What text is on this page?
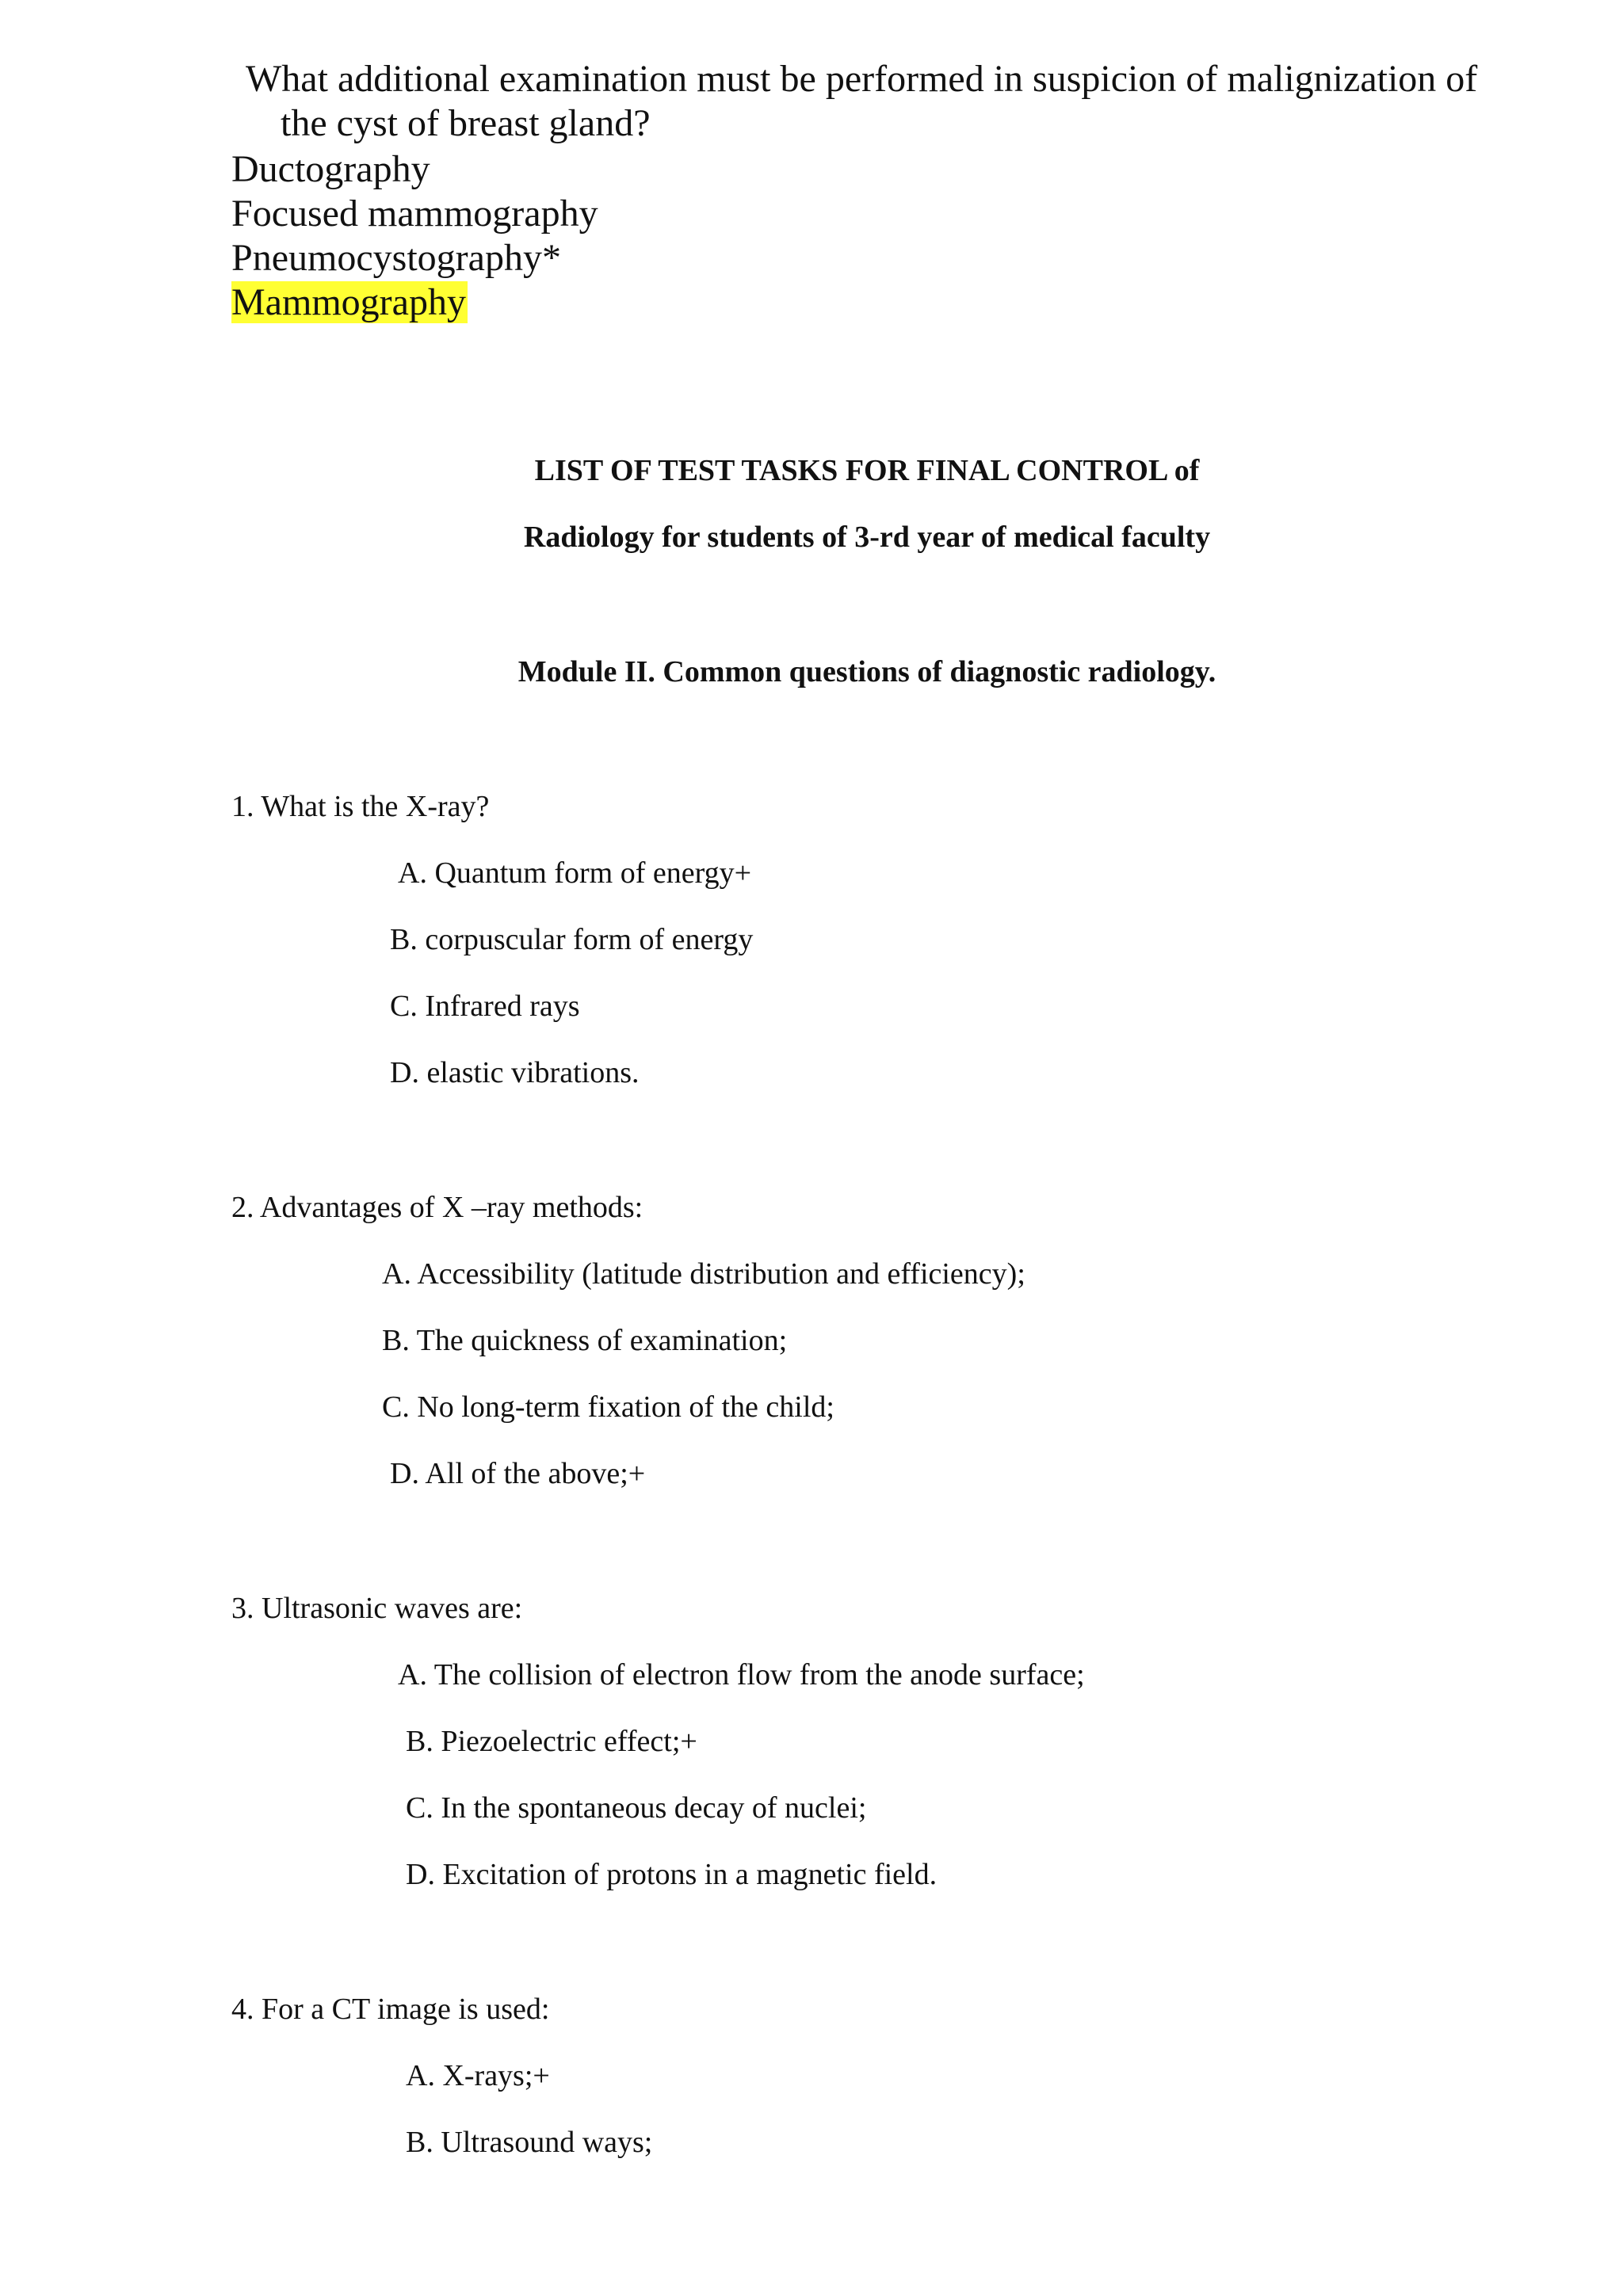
What additional examination must be performed in suspicion of malignization of
the cyst of breast gland?
Ductography
Focused mammography
Pneumocystography*
Mammography
LIST OF TEST TASKS FOR FINAL CONTROL of
Radiology for students of 3-rd year of medical faculty
Module II. Common questions of diagnostic radiology.
1. What is the X-ray?
A. Quantum form of energy+
B. corpuscular form of energy
C. Infrared rays
D. elastic vibrations.
2. Advantages of X –ray methods:
A. Accessibility (latitude distribution and efficiency);
B. The quickness of examination;
C. No long-term fixation of the child;
D. All of the above;+
3. Ultrasonic waves are:
A. The collision of electron flow from the anode surface;
B. Piezoelectric effect;+
C. In the spontaneous decay of nuclei;
D. Excitation of protons in a magnetic field.
4. For a CT image is used:
A. X-rays;+
B. Ultrasound ways;
